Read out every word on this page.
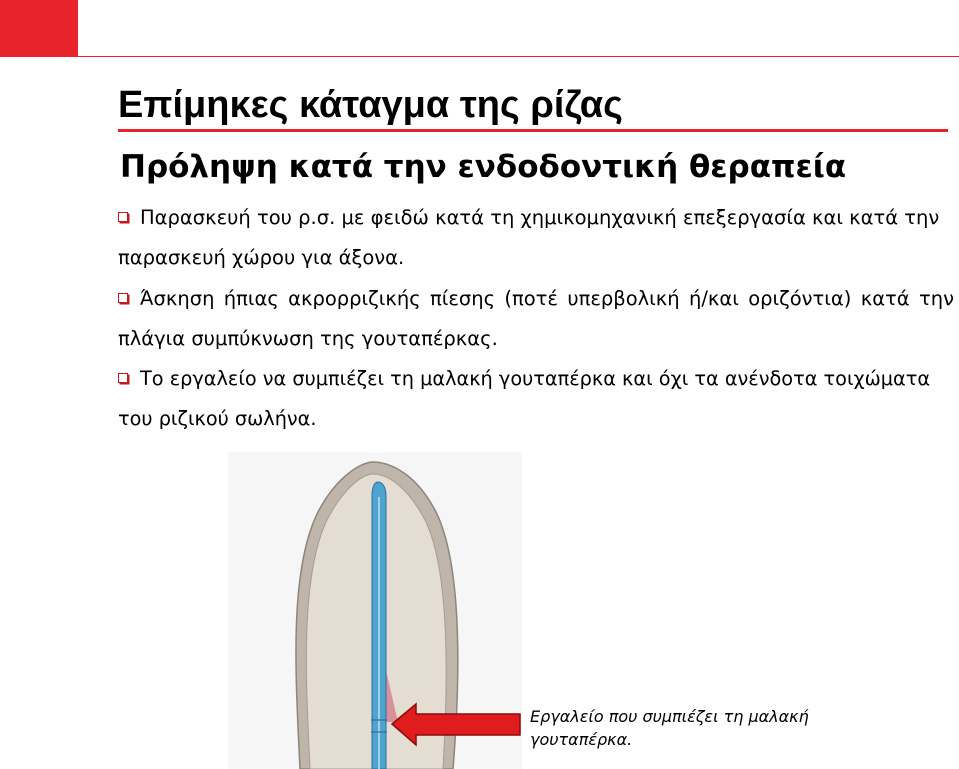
Επίμηκες κάταγμα της ρίζας
Πρόληψη κατά την ενδοδοντική θεραπεία

Παρασκευή του ρ.σ. με φειδώ κατά τη χημικομηχανική επεξεργασία και κατά την παρασκευή χώρου για άξονα.

Άσκηση ήπιας ακρορριζικής πίεσης (ποτέ υπερβολική ή/και οριζόντια) κατά την πλάγια συμπύκνωση της γουταπέρκας.

Το εργαλείο να συμπιέζει τη μαλακή γουταπέρκα και όχι τα ανένδοτα τοιχώματα του ριζικού σωλήνα.

Εργαλείο που συμπιέζει τη μαλακή γουταπέρκα.
